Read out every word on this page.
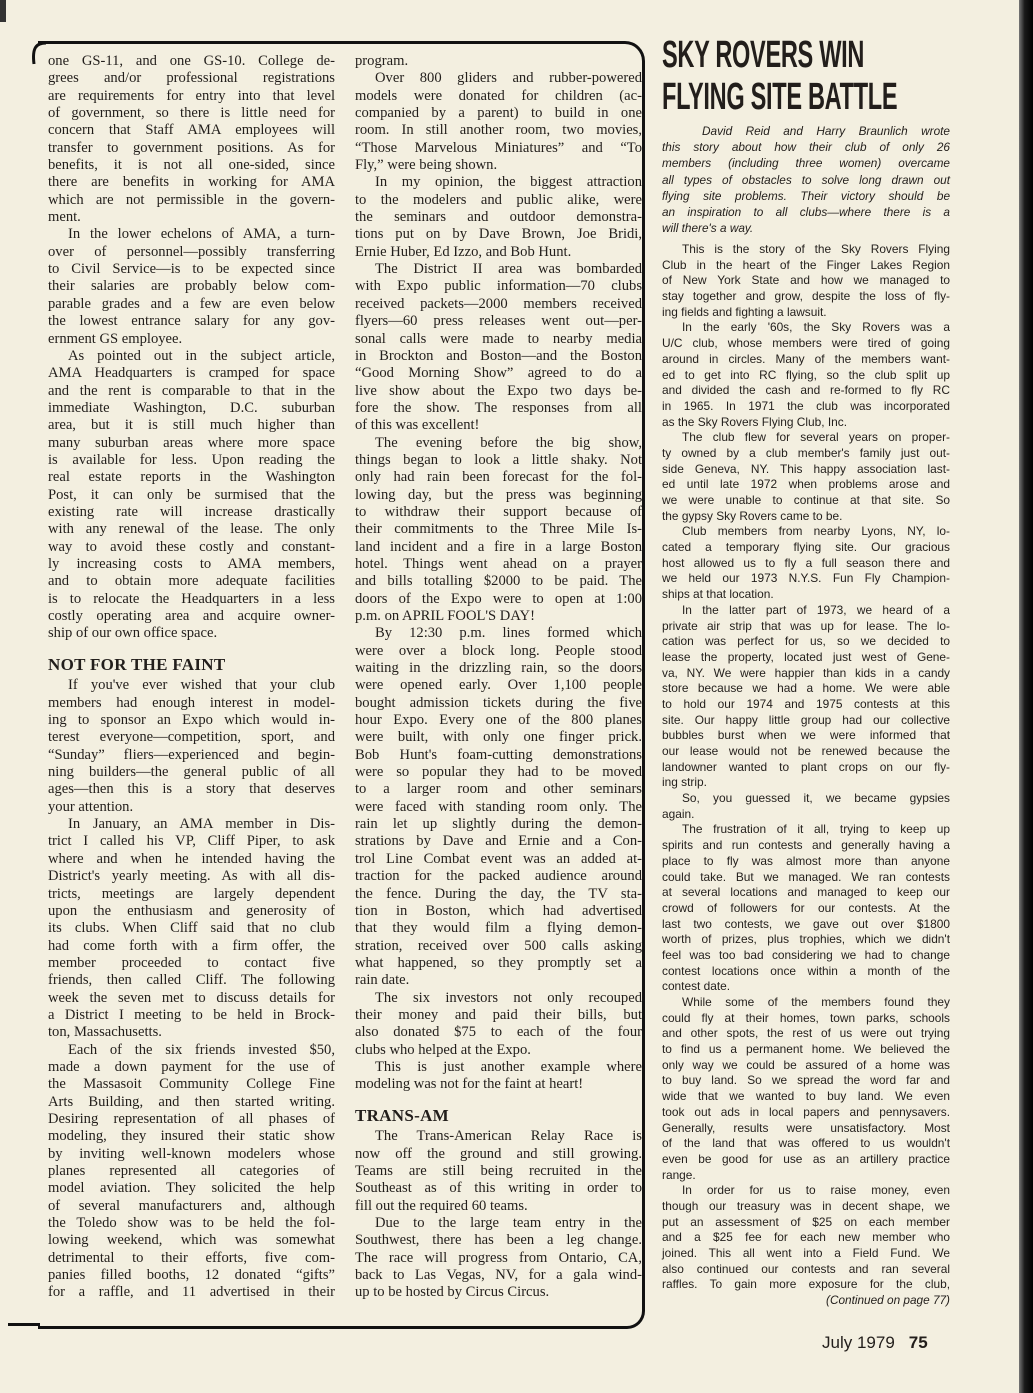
one GS-11, and one GS-10. College de-
grees and/or professional registrations
are requirements for entry into that level
of government, so there is little need for
concern that Staff AMA employees will
transfer to government positions. As for
benefits, it is not all one-sided, since
there are benefits in working for AMA
which are not permissible in the govern-
ment.
In the lower echelons of AMA, a turn-
over of personnel—possibly transferring
to Civil Service—is to be expected since
their salaries are probably below com-
parable grades and a few are even below
the lowest entrance salary for any gov-
ernment GS employee.
As pointed out in the subject article,
AMA Headquarters is cramped for space
and the rent is comparable to that in the
immediate Washington, D.C. suburban
area, but it is still much higher than
many suburban areas where more space
is available for less. Upon reading the
real estate reports in the Washington
Post, it can only be surmised that the
existing rate will increase drastically
with any renewal of the lease. The only
way to avoid these costly and constant-
ly increasing costs to AMA members,
and to obtain more adequate facilities
is to relocate the Headquarters in a less
costly operating area and acquire owner-
ship of our own office space.
NOT FOR THE FAINT
If you've ever wished that your club
members had enough interest in model-
ing to sponsor an Expo which would in-
terest everyone—competition, sport, and
“Sunday” fliers—experienced and begin-
ning builders—the general public of all
ages—then this is a story that deserves
your attention.
In January, an AMA member in Dis-
trict I called his VP, Cliff Piper, to ask
where and when he intended having the
District's yearly meeting. As with all dis-
tricts, meetings are largely dependent
upon the enthusiasm and generosity of
its clubs. When Cliff said that no club
had come forth with a firm offer, the
member proceeded to contact five
friends, then called Cliff. The following
week the seven met to discuss details for
a District I meeting to be held in Brock-
ton, Massachusetts.
Each of the six friends invested $50,
made a down payment for the use of
the Massasoit Community College Fine
Arts Building, and then started writing.
Desiring representation of all phases of
modeling, they insured their static show
by inviting well-known modelers whose
planes represented all categories of
model aviation. They solicited the help
of several manufacturers and, although
the Toledo show was to be held the fol-
lowing weekend, which was somewhat
detrimental to their efforts, five com-
panies filled booths, 12 donated “gifts”
for a raffle, and 11 advertised in their
program.
Over 800 gliders and rubber-powered
models were donated for children (ac-
companied by a parent) to build in one
room. In still another room, two movies,
“Those Marvelous Miniatures” and “To
Fly,” were being shown.
In my opinion, the biggest attraction
to the modelers and public alike, were
the seminars and outdoor demonstra-
tions put on by Dave Brown, Joe Bridi,
Ernie Huber, Ed Izzo, and Bob Hunt.
The District II area was bombarded
with Expo public information—70 clubs
received packets—2000 members received
flyers—60 press releases went out—per-
sonal calls were made to nearby media
in Brockton and Boston—and the Boston
“Good Morning Show” agreed to do a
live show about the Expo two days be-
fore the show. The responses from all
of this was excellent!
The evening before the big show,
things began to look a little shaky. Not
only had rain been forecast for the fol-
lowing day, but the press was beginning
to withdraw their support because of
their commitments to the Three Mile Is-
land incident and a fire in a large Boston
hotel. Things went ahead on a prayer
and bills totalling $2000 to be paid. The
doors of the Expo were to open at 1:00
p.m. on APRIL FOOL'S DAY!
By 12:30 p.m. lines formed which
were over a block long. People stood
waiting in the drizzling rain, so the doors
were opened early. Over 1,100 people
bought admission tickets during the five
hour Expo. Every one of the 800 planes
were built, with only one finger prick.
Bob Hunt's foam-cutting demonstrations
were so popular they had to be moved
to a larger room and other seminars
were faced with standing room only. The
rain let up slightly during the demon-
strations by Dave and Ernie and a Con-
trol Line Combat event was an added at-
traction for the packed audience around
the fence. During the day, the TV sta-
tion in Boston, which had advertised
that they would film a flying demon-
stration, received over 500 calls asking
what happened, so they promptly set a
rain date.
The six investors not only recouped
their money and paid their bills, but
also donated $75 to each of the four
clubs who helped at the Expo.
This is just another example where
modeling was not for the faint at heart!
TRANS-AM
The Trans-American Relay Race is
now off the ground and still growing.
Teams are still being recruited in the
Southeast as of this writing in order to
fill out the required 60 teams.
Due to the large team entry in the
Southwest, there has been a leg change.
The race will progress from Ontario, CA,
back to Las Vegas, NV, for a gala wind-
up to be hosted by Circus Circus.
SKY ROVERS WIN
FLYING SITE BATTLE
David Reid and Harry Braunlich wrote
this story about how their club of only 26
members (including three women) overcame
all types of obstacles to solve long drawn out
flying site problems. Their victory should be
an inspiration to all clubs—where there is a
will there's a way.
This is the story of the Sky Rovers Flying
Club in the heart of the Finger Lakes Region
of New York State and how we managed to
stay together and grow, despite the loss of fly-
ing fields and fighting a lawsuit.
In the early '60s, the Sky Rovers was a
U/C club, whose members were tired of going
around in circles. Many of the members want-
ed to get into RC flying, so the club split up
and divided the cash and re-formed to fly RC
in 1965. In 1971 the club was incorporated
as the Sky Rovers Flying Club, Inc.
The club flew for several years on proper-
ty owned by a club member's family just out-
side Geneva, NY. This happy association last-
ed until late 1972 when problems arose and
we were unable to continue at that site. So
the gypsy Sky Rovers came to be.
Club members from nearby Lyons, NY, lo-
cated a temporary flying site. Our gracious
host allowed us to fly a full season there and
we held our 1973 N.Y.S. Fun Fly Champion-
ships at that location.
In the latter part of 1973, we heard of a
private air strip that was up for lease. The lo-
cation was perfect for us, so we decided to
lease the property, located just west of Gene-
va, NY. We were happier than kids in a candy
store because we had a home. We were able
to hold our 1974 and 1975 contests at this
site. Our happy little group had our collective
bubbles burst when we were informed that
our lease would not be renewed because the
landowner wanted to plant crops on our fly-
ing strip.
So, you guessed it, we became gypsies
again.
The frustration of it all, trying to keep up
spirits and run contests and generally having a
place to fly was almost more than anyone
could take. But we managed. We ran contests
at several locations and managed to keep our
crowd of followers for our contests. At the
last two contests, we gave out over $1800
worth of prizes, plus trophies, which we didn't
feel was too bad considering we had to change
contest locations once within a month of the
contest date.
While some of the members found they
could fly at their homes, town parks, schools
and other spots, the rest of us were out trying
to find us a permanent home. We believed the
only way we could be assured of a home was
to buy land. So we spread the word far and
wide that we wanted to buy land. We even
took out ads in local papers and pennysavers.
Generally, results were unsatisfactory. Most
of the land that was offered to us wouldn't
even be good for use as an artillery practice
range.
In order for us to raise money, even
though our treasury was in decent shape, we
put an assessment of $25 on each member
and a $25 fee for each new member who
joined. This all went into a Field Fund. We
also continued our contests and ran several
raffles. To gain more exposure for the club,
(Continued on page 77)
July 1979 75
